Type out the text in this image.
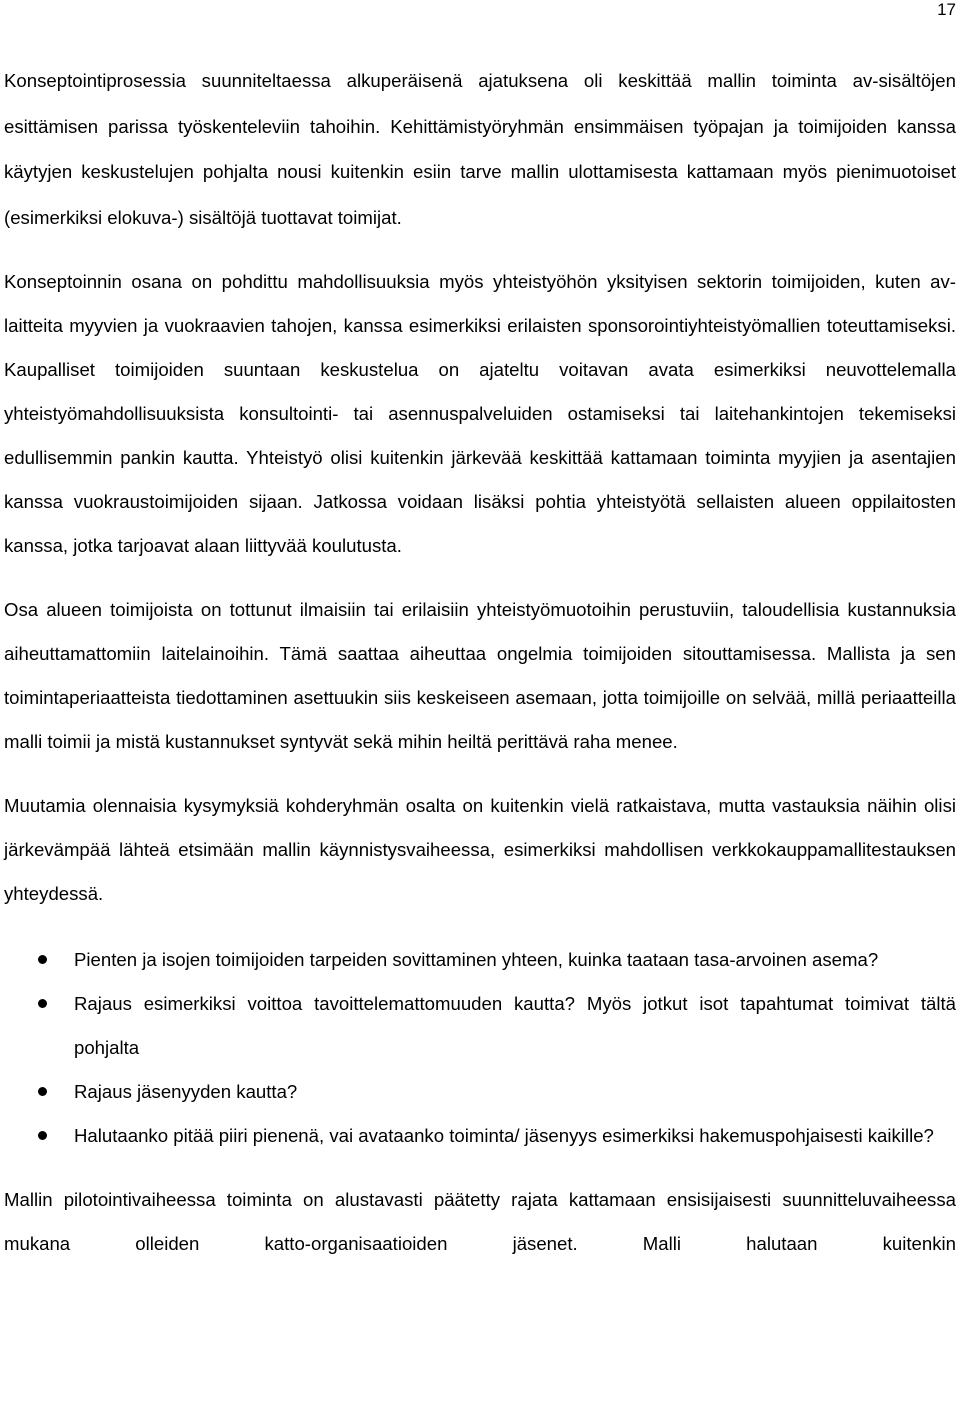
17

Konseptointiprosessia suunniteltaessa alkuperäisenä ajatuksena oli keskittää mallin toiminta av-sisältöjen esittämisen parissa työskenteleviin tahoihin. Kehittämistyöryhmän ensimmäisen työpajan ja toimijoiden kanssa käytyjen keskustelujen pohjalta nousi kuitenkin esiin tarve mallin ulottamisesta kattamaan myös pienimuotoiset (esimerkiksi elokuva-) sisältöjä tuottavat toimijat.

Konseptoinnin osana on pohdittu mahdollisuuksia myös yhteistyöhön yksityisen sektorin toimijoiden, kuten av-laitteita myyvien ja vuokraavien tahojen, kanssa esimerkiksi erilaisten sponsorointiyhteistyömallien toteuttamiseksi. Kaupalliset toimijoiden suuntaan keskustelua on ajateltu voitavan avata esimerkiksi neuvottelemalla yhteistyömahdollisuuksista konsultointi- tai asennuspalveluiden ostamiseksi tai laitehankintojen tekemiseksi edullisemmin pankin kautta. Yhteistyö olisi kuitenkin järkevää keskittää kattamaan toiminta myyjien ja asentajien kanssa vuokraustoimijoiden sijaan. Jatkossa voidaan lisäksi pohtia yhteistyötä sellaisten alueen oppilaitosten kanssa, jotka tarjoavat alaan liittyvää koulutusta.

Osa alueen toimijoista on tottunut ilmaisiin tai erilaisiin yhteistyömuotoihin perustuviin, taloudellisia kustannuksia aiheuttamattomiin laitelainoihin. Tämä saattaa aiheuttaa ongelmia toimijoiden sitouttamisessa. Mallista ja sen toimintaperiaatteista tiedottaminen asettuukin siis keskeiseen asemaan, jotta toimijoille on selvää, millä periaatteilla malli toimii ja mistä kustannukset syntyvät sekä mihin heiltä perittävä raha menee.

Muutamia olennaisia kysymyksiä kohderyhmän osalta on kuitenkin vielä ratkaistava, mutta vastauksia näihin olisi järkevämpää lähteä etsimään mallin käynnistysvaiheessa, esimerkiksi mahdollisen verkkokauppamallitestauksen yhteydessä.

Pienten ja isojen toimijoiden tarpeiden sovittaminen yhteen, kuinka taataan tasa-arvoinen asema?
Rajaus esimerkiksi voittoa tavoittelemattomuuden kautta? Myös jotkut isot tapahtumat toimivat tältä pohjalta
Rajaus jäsenyyden kautta?
Halutaanko pitää piiri pienenä, vai avataanko toiminta/ jäsenyys esimerkiksi hakemuspohjaisesti kaikille?

Mallin pilotointivaiheessa toiminta on alustavasti päätetty rajata kattamaan ensisijaisesti suunnitteluvaiheessa mukana olleiden katto-organisaatioiden jäsenet. Malli halutaan kuitenkin
